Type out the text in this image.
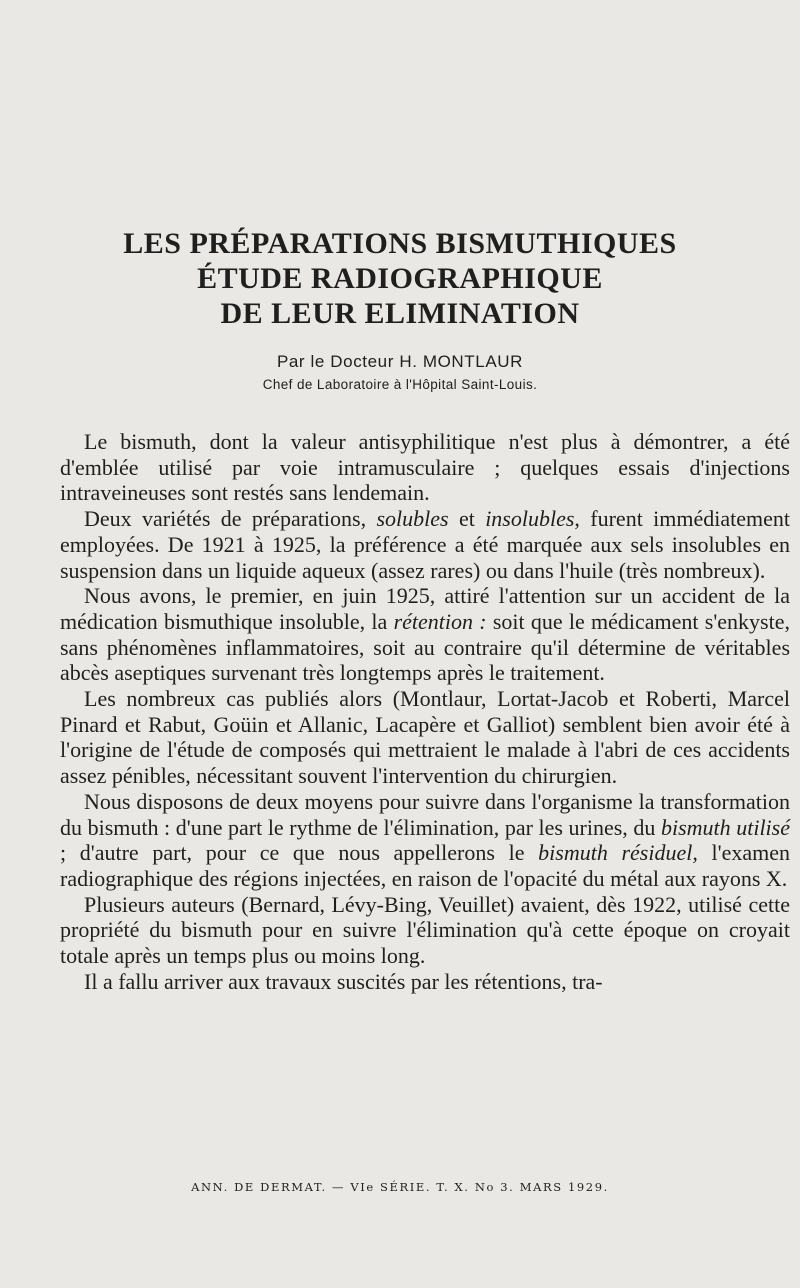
LES PRÉPARATIONS BISMUTHIQUES
ÉTUDE RADIOGRAPHIQUE
DE LEUR ELIMINATION
Par le Docteur H. MONTLAUR
Chef de Laboratoire à l'Hôpital Saint-Louis.

Le bismuth, dont la valeur antisyphilitique n'est plus à démontrer, a été d'emblée utilisé par voie intramusculaire ; quelques essais d'injections intraveineuses sont restés sans lendemain.

Deux variétés de préparations, solubles et insolubles, furent immédiatement employées. De 1921 à 1925, la préférence a été marquée aux sels insolubles en suspension dans un liquide aqueux (assez rares) ou dans l'huile (très nombreux).

Nous avons, le premier, en juin 1925, attiré l'attention sur un accident de la médication bismuthique insoluble, la rétention : soit que le médicament s'enkyste, sans phénomènes inflammatoires, soit au contraire qu'il détermine de véritables abcès aseptiques survenant très longtemps après le traitement.

Les nombreux cas publiés alors (Montlaur, Lortat-Jacob et Roberti, Marcel Pinard et Rabut, Goüin et Allanic, Lacapère et Galliot) semblent bien avoir été à l'origine de l'étude de composés qui mettraient le malade à l'abri de ces accidents assez pénibles, nécessitant souvent l'intervention du chirurgien.

Nous disposons de deux moyens pour suivre dans l'organisme la transformation du bismuth : d'une part le rythme de l'élimination, par les urines, du bismuth utilisé ; d'autre part, pour ce que nous appellerons le bismuth résiduel, l'examen radiographique des régions injectées, en raison de l'opacité du métal aux rayons X.

Plusieurs auteurs (Bernard, Lévy-Bing, Veuillet) avaient, dès 1922, utilisé cette propriété du bismuth pour en suivre l'élimination qu'à cette époque on croyait totale après un temps plus ou moins long.

Il a fallu arriver aux travaux suscités par les rétentions, tra-

ANN. DE DERMAT. — VIe SÉRIE. T. X. No 3. MARS 1929.
